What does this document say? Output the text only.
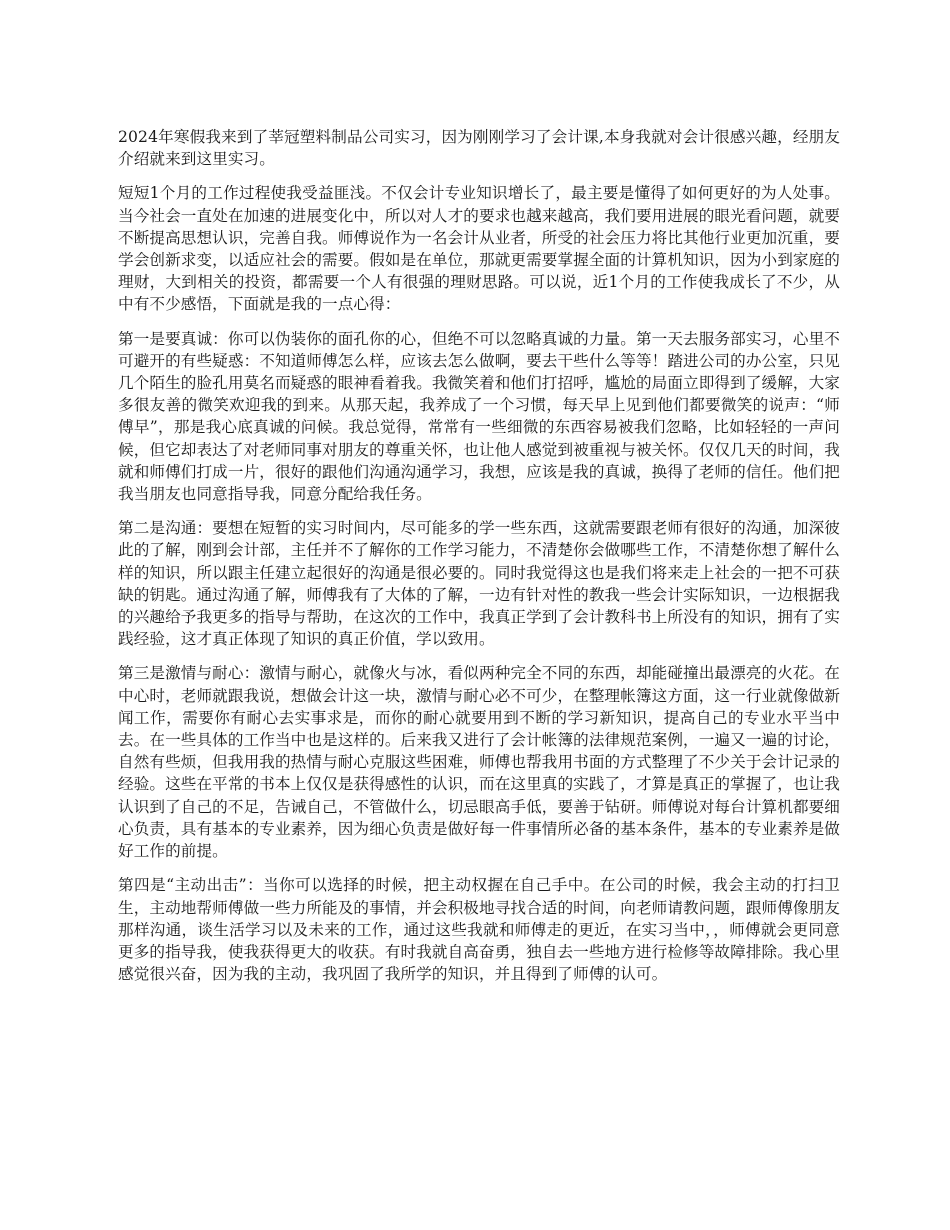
2024年寒假我来到了莘冠塑料制品公司实习，因为刚刚学习了会计课,本身我就对会计很感兴趣，经朋友介绍就来到这里实习。

短短1个月的工作过程使我受益匪浅。不仅会计专业知识增长了，最主要是懂得了如何更好的为人处事。当今社会一直处在加速的进展变化中，所以对人才的要求也越来越高，我们要用进展的眼光看问题，就要不断提高思想认识，完善自我。师傅说作为一名会计从业者，所受的社会压力将比其他行业更加沉重，要学会创新求变，以适应社会的需要。假如是在单位，那就更需要掌握全面的计算机知识，因为小到家庭的理财，大到相关的投资，都需要一个人有很强的理财思路。可以说，近1个月的工作使我成长了不少，从中有不少感悟，下面就是我的一点心得：

第一是要真诚：你可以伪装你的面孔你的心，但绝不可以忽略真诚的力量。第一天去服务部实习，心里不可避开的有些疑惑：不知道师傅怎么样，应该去怎么做啊，要去干些什么等等！踏进公司的办公室，只见几个陌生的脸孔用莫名而疑惑的眼神看着我。我微笑着和他们打招呼，尴尬的局面立即得到了缓解，大家多很友善的微笑欢迎我的到来。从那天起，我养成了一个习惯，每天早上见到他们都要微笑的说声：“师傅早”，那是我心底真诚的问候。我总觉得，常常有一些细微的东西容易被我们忽略，比如轻轻的一声问候，但它却表达了对老师同事对朋友的尊重关怀，也让他人感觉到被重视与被关怀。仅仅几天的时间，我就和师傅们打成一片，很好的跟他们沟通沟通学习，我想，应该是我的真诚，换得了老师的信任。他们把我当朋友也同意指导我，同意分配给我任务。

第二是沟通：要想在短暂的实习时间内，尽可能多的学一些东西，这就需要跟老师有很好的沟通，加深彼此的了解，刚到会计部，主任并不了解你的工作学习能力，不清楚你会做哪些工作，不清楚你想了解什么样的知识，所以跟主任建立起很好的沟通是很必要的。同时我觉得这也是我们将来走上社会的一把不可获缺的钥匙。通过沟通了解，师傅我有了大体的了解，一边有针对性的教我一些会计实际知识，一边根据我的兴趣给予我更多的指导与帮助，在这次的工作中，我真正学到了会计教科书上所没有的知识，拥有了实践经验，这才真正体现了知识的真正价值，学以致用。

第三是激情与耐心：激情与耐心，就像火与冰，看似两种完全不同的东西，却能碰撞出最漂亮的火花。在中心时，老师就跟我说，想做会计这一块，激情与耐心必不可少，在整理帐簿这方面，这一行业就像做新闻工作，需要你有耐心去实事求是，而你的耐心就要用到不断的学习新知识，提高自己的专业水平当中去。在一些具体的工作当中也是这样的。后来我又进行了会计帐簿的法律规范案例，一遍又一遍的讨论，自然有些烦，但我用我的热情与耐心克服这些困难，师傅也帮我用书面的方式整理了不少关于会计记录的经验。这些在平常的书本上仅仅是获得感性的认识，而在这里真的实践了，才算是真正的掌握了，也让我认识到了自己的不足，告诫自己，不管做什么，切忌眼高手低，要善于钻研。师傅说对每台计算机都要细心负责，具有基本的专业素养，因为细心负责是做好每一件事情所必备的基本条件，基本的专业素养是做好工作的前提。

第四是“主动出击”：当你可以选择的时候，把主动权握在自己手中。在公司的时候，我会主动的打扫卫生，主动地帮师傅做一些力所能及的事情，并会积极地寻找合适的时间，向老师请教问题，跟师傅像朋友那样沟通，谈生活学习以及未来的工作，通过这些我就和师傅走的更近，在实习当中，，师傅就会更同意更多的指导我，使我获得更大的收获。有时我就自高奋勇，独自去一些地方进行检修等故障排除。我心里感觉很兴奋，因为我的主动，我巩固了我所学的知识，并且得到了师傅的认可。
